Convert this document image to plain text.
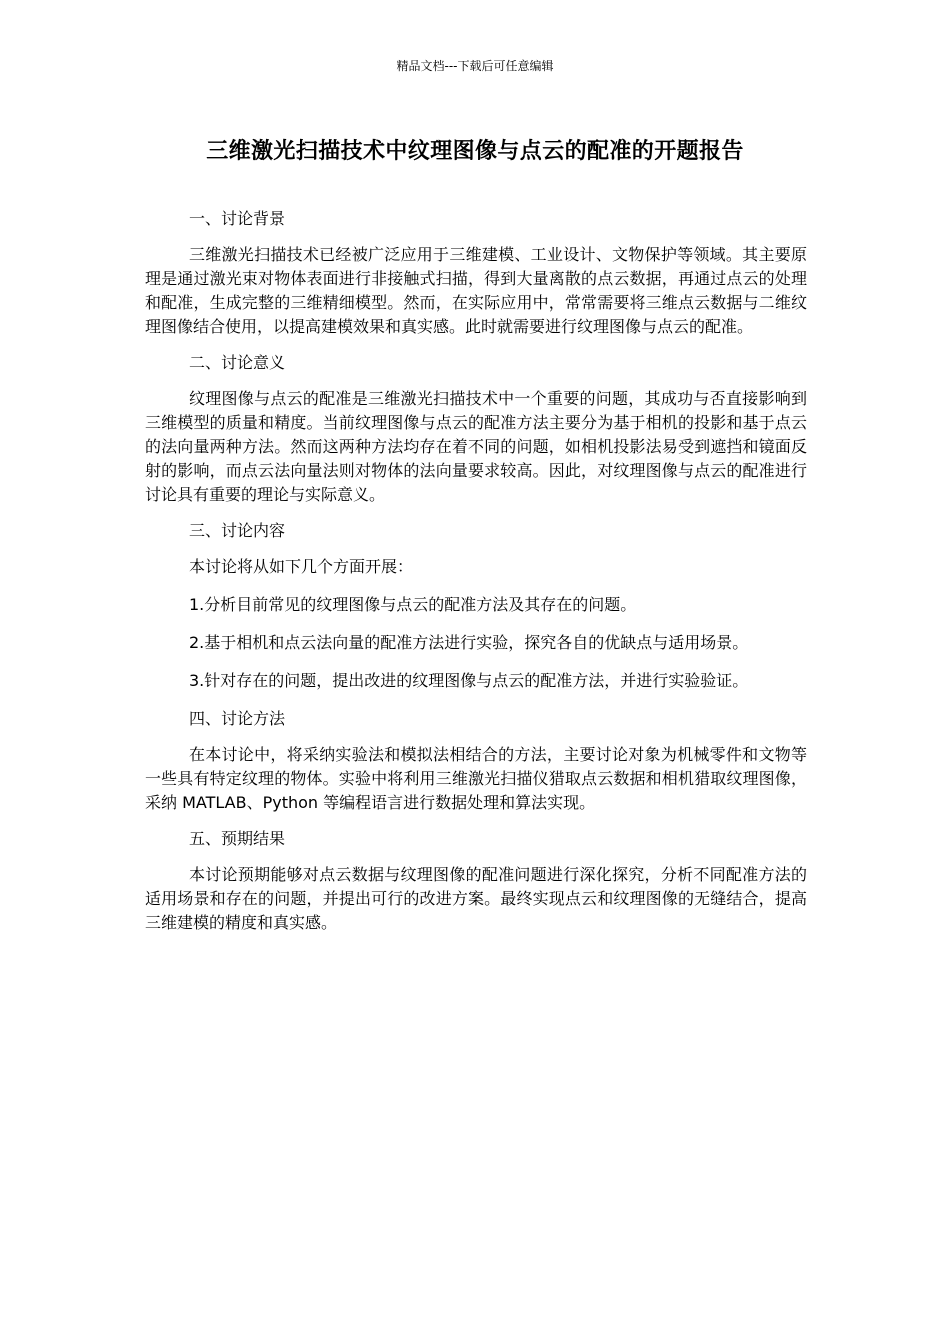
精品文档---下载后可任意编辑
三维激光扫描技术中纹理图像与点云的配准的开题报告
一、讨论背景

三维激光扫描技术已经被广泛应用于三维建模、工业设计、文物保护等领域。其主要原理是通过激光束对物体表面进行非接触式扫描，得到大量离散的点云数据，再通过点云的处理和配准，生成完整的三维精细模型。然而，在实际应用中，常常需要将三维点云数据与二维纹理图像结合使用，以提高建模效果和真实感。此时就需要进行纹理图像与点云的配准。

二、讨论意义

纹理图像与点云的配准是三维激光扫描技术中一个重要的问题，其成功与否直接影响到三维模型的质量和精度。当前纹理图像与点云的配准方法主要分为基于相机的投影和基于点云的法向量两种方法。然而这两种方法均存在着不同的问题，如相机投影法易受到遮挡和镜面反射的影响，而点云法向量法则对物体的法向量要求较高。因此，对纹理图像与点云的配准进行讨论具有重要的理论与实际意义。

三、讨论内容
本讨论将从如下几个方面开展：
1.分析目前常见的纹理图像与点云的配准方法及其存在的问题。
2.基于相机和点云法向量的配准方法进行实验，探究各自的优缺点与适用场景。
3.针对存在的问题，提出改进的纹理图像与点云的配准方法，并进行实验验证。
四、讨论方法

在本讨论中，将采纳实验法和模拟法相结合的方法，主要讨论对象为机械零件和文物等一些具有特定纹理的物体。实验中将利用三维激光扫描仪猎取点云数据和相机猎取纹理图像，采纳 MATLAB、Python 等编程语言进行数据处理和算法实现。

五、预期结果

本讨论预期能够对点云数据与纹理图像的配准问题进行深化探究，分析不同配准方法的适用场景和存在的问题，并提出可行的改进方案。最终实现点云和纹理图像的无缝结合，提高三维建模的精度和真实感。
